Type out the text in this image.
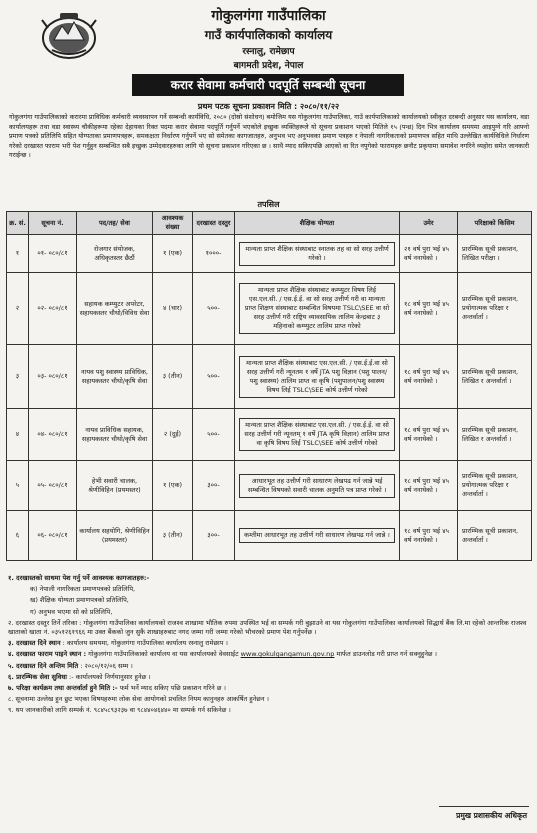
गोकुलगंगा गाउँपालिका
गाउँ कार्यपालिकाको कार्यालय
रस्नालु, रामेछाप
बागमती प्रदेश, नेपाल
करार सेवामा कर्मचारी पदपूर्ति सम्बन्धी सूचना
प्रथम पटक सूचना प्रकाशन मिति : २०८०/११/२२
गोकुलगंगा गाउँपालिकाको करारमा प्राविधिक कर्मचारी व्यवस्थापन गर्ने सम्बन्धी कार्यविधि, २०८० (दोस्रो संशोधन) बमोजिम यस गोकुलगंगा गाउँपालिका, गाउँ कार्यपालिकाको कार्यालयको स्वीकृत दरबन्दी अनुसार यस कार्यालय, वडा कार्यालयहरू तथा वडा स्वास्थ्य चौकीहरूमा रहेका देहायका रिक्त पदमा करार सेवामा पदपूर्ति गर्नुपर्ने भएकोले इच्छुक व्यक्तिहरूले यो सूचना प्रकाशन भएको मितिले १५ (पन्ध्र) दिन भित्र कार्यालय समयमा आइपुग्ने गरि आफ्नो प्रमाण पत्रको प्रतिलिपि सहित योग्यताका प्रमाणपत्रहरू, समकक्षता निर्धारण गर्नुपर्ने भए सो समेतका कागजातहरु, अनुभव भए अनुभवका प्रमाण पत्रहरु र नेपाली नागरिकताको प्रमाणपत्र सहित माथि उल्लेखित कार्यविधिले निर्धारण गरेको दरखास्त फाराम भरी पेश गर्नुहुन सम्बन्धित सबै इच्छुक उम्मेदवारहरुका लागि यो सूचना प्रकाशन गरिएका छ । साथै म्याद सकिएपछि आएको वा रित नपुगेको फारामहरु छनौट प्रकृयामा समावेश नगरिने व्यहोरा समेत जानकारी गराईन्छ ।
तपसिल
क्र. सं.	सूचना नं.	पद/तह/ सेवा	आवश्यक संख्या	दरखास्त दस्तुर	शैक्षिक योग्यता	उमेर	परिक्षाको किसिम
१	०१- ०८०/८१	रोजगार संयोजक, अधिकृतस्तर छैठौं	१ (एक)	१०००-	मान्यता प्राप्त शैक्षिक संस्थाबाट स्नातक तह वा सो सरह उत्तीर्ण गरेको ।	२१ वर्ष पुरा भई ४५ वर्ष ननाघेको ।	प्रारम्भिक सूची प्रकाशन, लिखित परीक्षा ।
२	०२- ०८०/८१	सहायक कम्प्युटर अपरेटर, सहायकस्तर चौथो/विविध सेवा	४ (चार)	५००-	मान्यता प्राप्त शैक्षिक संस्थाबाट कम्प्युटर विषय लिई एस.एल.सी. / एस.ई.ई. वा सो सरह उत्तीर्ण गरी वा मान्यता प्राप्त शिक्षण संस्थाबाट सम्बन्धित विषयमा TSLC\SEE वा सो सरह उत्तीर्ण गरी राष्ट्रिय व्यावसायिक तालिम केन्द्रबाट ३ महिनाको कम्प्युटर तालिम प्राप्त गरेको	१८ वर्ष पुरा भई ४५ वर्ष ननाघेको ।	प्रारम्भिक सूची प्रकाशन, प्रयोगात्मक परिक्षा र अन्तर्वार्ता ।
३	०३- ०८०/८१	नायव पशु स्वास्थ्य प्राविधिक, सहायकस्तर चौथो/कृषि सेवा	३ (तीन)	५००-	मान्यता प्राप्त शैक्षिक संस्थाबाट एस.एल.सी. / एस.ई.ई.वा सो सरह उत्तीर्ण गरी न्यूनतम १ वर्षे JTA पशु विज्ञान (पशु पालन/पशु स्वास्थ्य) तालिम प्राप्त वा कृषि (पशुपालन/पशु स्वास्थ्य विषय लिई TSLC\SEE कोर्ष उत्तीर्ण गरेको	१८ वर्ष पुरा भई ४५ वर्ष ननाघेको ।	प्रारम्भिक सूची प्रकाशन, लिखित र अन्तर्वार्ता ।
४	०४- ०८०/८१	नायव प्राविधिक सहायक, सहायकस्तर चौथो/कृषि सेवा	२ (दुई)	५००-	मान्यता प्राप्त शैक्षिक संस्थाबाट एस.एल.सी. / एस.ई.ई. वा सो सरह उत्तीर्ण गरी न्यूनतम् १ वर्षे JTA कृषि विज्ञान) तालिम प्राप्त वा कृषि विषय लिई TSLC\SEE कोर्ष उत्तीर्ण गरेको	१८ वर्ष पुरा भई ४५ वर्ष ननाघेको ।	प्रारम्भिक सूची प्रकाशन, लिखित र अन्तर्वार्ता ।
५	०५- ०८०/८१	हेभी सवारी चालक, श्रेणीविहिन (प्रयमस्तर)	१ (एक)	३००-	आधारभूत तह उत्तीर्ण गरी साधारण लेखपढ गर्न जान्ने भई सम्बन्धित विषयको सवारी चालक अनुमति पत्र प्राप्त गरेको ।	१८ वर्ष पुरा भई ४५ वर्ष ननाघेको ।	प्रारम्भिक सूची प्रकाशन, प्रयोगात्मक परिक्षा र अन्तर्वार्ता ।
६	०६- ०८०/८१	कार्यालय सहयोगि, श्रेणीविहिन (प्रयमस्तर)	३ (तीन)	३००-	कम्तीमा आधारभूत तह उत्तीर्ण गरी साधारण लेखपढ गर्न जान्ने ।	१८ वर्ष पुरा भई ४५ वर्ष ननाघेको ।	प्रारम्भिक सूची प्रकाशन, अन्तर्वार्ता ।
१. दरखास्तको साथमा पेश गर्नु पर्ने आवश्यक कागजातहरु:-
क) नेपाली नागरिकता प्रमाणपत्रको प्रतिलिपि,
ख) शैक्षिक योग्यता प्रमाणपत्रको प्रतिलिपि,
ग) अनुभव भएमा सो को प्रतिलिपि,
२. दरखास्त दस्तुर तिर्ने तरिका : गोकुलगंगा गाउँपालिका कार्यालयको राजश्व शाखामा भौतिक रुपमा उपस्थित भई वा सम्पर्क गरी बुझाउने वा यस गोकुलगंगा गाउँपालिका कार्यालयको सिद्धार्थ बैंक लि.मा रहेको आन्तरिक राजश्व खाताको खाता नं. ०३५१२६१९६६ मा उक्त बैंकको जुन सुकै शाखाहरुबाट नगद जम्मा गरी जम्मा गरेको भौचरको प्रमाण पेश गर्नुपर्नेछ ।
३. दरखास्त दिने स्थान : कार्यालय समयमा, गोकुलगंगा गाउँपालिका कार्यालय रस्नालु रामेछाप ।
४. दरखास्त फाराम पाइने स्थान : गोकुलगंगा गाउँपालिकाको कार्यालय वा यस कार्यालयको वेवसाईट www.gokulgangamun.gov.np मार्फत डाउनलोड गरी प्राप्त गर्न सक्नुहुनेछ ।
५. दरखास्त दिने अन्तिम मिति : २०८०/१२/०६ सम्म ।
६. प्रारम्भिक सेवा सुविधा :- कार्यालयको निर्णयानुसार हुनेछ ।
७. परिक्षा कार्यक्रम तथा अन्तर्वार्ता हुने मिति :- फर्म भर्ने म्याद सकिए पछि प्रकाशन गरिने छ ।
८. सूचनामा उल्लेख हुन छुट भएका विषयहरुमा लोक सेवा आयोगको प्रचलित नियम कानुनहरु आकर्षित हुनेछन ।
९. थप जानकारीको लागि सम्पर्क नं. ९८४५८९३२३७ वा ९८४४०४६४४० मा सम्पर्क गर्न सकिनेछ ।
प्रमुख प्रशासकीय अधिकृत
